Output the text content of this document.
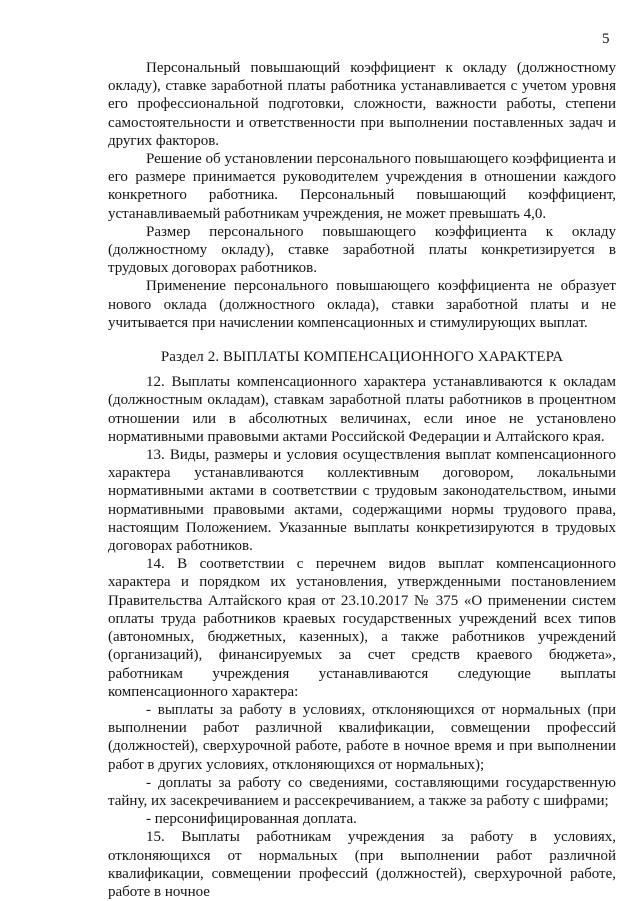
5

Персональный повышающий коэффициент к окладу (должностному окладу), ставке заработной платы работника устанавливается с учетом уровня его профессиональной подготовки, сложности, важности работы, степени самостоятельности и ответственности при выполнении поставленных задач и других факторов.

Решение об установлении персонального повышающего коэффициента и его размере принимается руководителем учреждения в отношении каждого конкретного работника. Персональный повышающий коэффициент, устанавливаемый работникам учреждения, не может превышать 4,0.

Размер персонального повышающего коэффициента к окладу (должностному окладу), ставке заработной платы конкретизируется в трудовых договорах работников.

Применение персонального повышающего коэффициента не образует нового оклада (должностного оклада), ставки заработной платы и не учитывается при начислении компенсационных и стимулирующих выплат.

Раздел 2. ВЫПЛАТЫ КОМПЕНСАЦИОННОГО ХАРАКТЕРА

12. Выплаты компенсационного характера устанавливаются к окладам (должностным окладам), ставкам заработной платы работников в процентном отношении или в абсолютных величинах, если иное не установлено нормативными правовыми актами Российской Федерации и Алтайского края.

13. Виды, размеры и условия осуществления выплат компенсационного характера устанавливаются коллективным договором, локальными нормативными актами в соответствии с трудовым законодательством, иными нормативными правовыми актами, содержащими нормы трудового права, настоящим Положением. Указанные выплаты конкретизируются в трудовых договорах работников.

14. В соответствии с перечнем видов выплат компенсационного характера и порядком их установления, утвержденными постановлением Правительства Алтайского края от 23.10.2017 № 375 «О применении систем оплаты труда работников краевых государственных учреждений всех типов (автономных, бюджетных, казенных), а также работников учреждений (организаций), финансируемых за счет средств краевого бюджета», работникам учреждения устанавливаются следующие выплаты компенсационного характера:

- выплаты за работу в условиях, отклоняющихся от нормальных (при выполнении работ различной квалификации, совмещении профессий (должностей), сверхурочной работе, работе в ночное время и при выполнении работ в других условиях, отклоняющихся от нормальных);

- доплаты за работу со сведениями, составляющими государственную тайну, их засекречиванием и рассекречиванием, а также за работу с шифрами;

- персонифицированная доплата.

15. Выплаты работникам учреждения за работу в условиях, отклоняющихся от нормальных (при выполнении работ различной квалификации, совмещении профессий (должностей), сверхурочной работе, работе в ночное
